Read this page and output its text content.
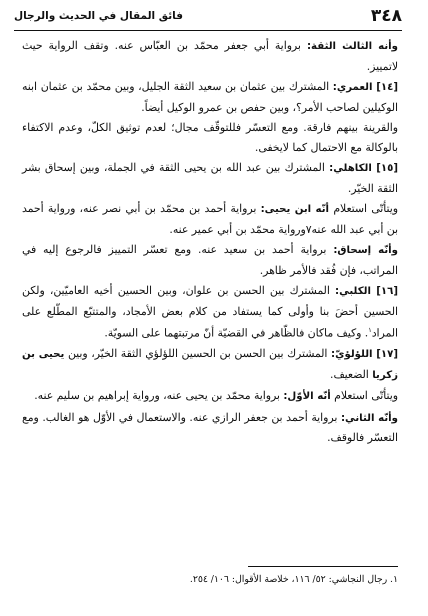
٣٤٨
فائق المقال في الحديث والرجال

وأنه الثالث الثقة: برواية أبي جعفر محمّد بن العبّاس عنه. وتقف الرواية حيث لاتمييز.

[١٤] العمري: المشترك بين عثمان بن سعيد الثقة الجليل، وبين محمّد بن عثمان ابنه الوكيلين لصاحب الأمر؟، وبين حفص بن عمرو الوكيل أيضاً.

والقرينة بينهم فارقة. ومع التعسّر فللتوقّف مجال؛ لعدم توثيق الكلّ، وعدم الاكتفاء بالوكالة مع الاحتمال كما لايخفى.

[١٥] الكاهلي: المشترك بين عبد الله بن يحيى الثقة في الجملة، وبين إسحاق بشر الثقة الخيّر.

ويتأتّى استعلام أنّه ابن يحيى: برواية أحمد بن محمّد بن أبي نصر عنه، ورواية أحمد بن أبي عبد الله عنه٧ورواية محمّد بن أبي عمير عنه.

وأنّه إسحاق: برواية أحمد بن سعيد عنه. ومع تعسّر التمييز فالرجوع إليه في المراتب، فإن فُقد فالأمر ظاهر.

[١٦] الكلبي: المشترك بين الحسن بن علوان، وبين الحسين أخيه العاميّين، ولكن الحسين أحضَ بنا وأولى كما يستفاد من كلام بعض الأمجاد، والمتتبّع المطّلع على المراد$^١$. وكيف ماكان فالظّاهر في القضيّة أنّ مرتبتهما على السويّة.

[١٧] اللؤلؤيّ: المشترك بين الحسن بن الحسين اللؤلؤي الثقة الخيّر، وبين يحيى بن زكريا الضعيف.

ويتأتّى استعلام أنّه الأوّل: برواية محمّد بن يحيى عنه، ورواية إبراهيم بن سليم عنه.

وأنّه الثاني: برواية أحمد بن جعفر الرازي عنه. والاستعمال في الأوّل هو الغالب. ومع التعسّر فالوقف.

١. رجال النجاشي: ٥٢/ ١١٦، خلاصة الأقوال: ١٠٦/ ٢٥٤.
